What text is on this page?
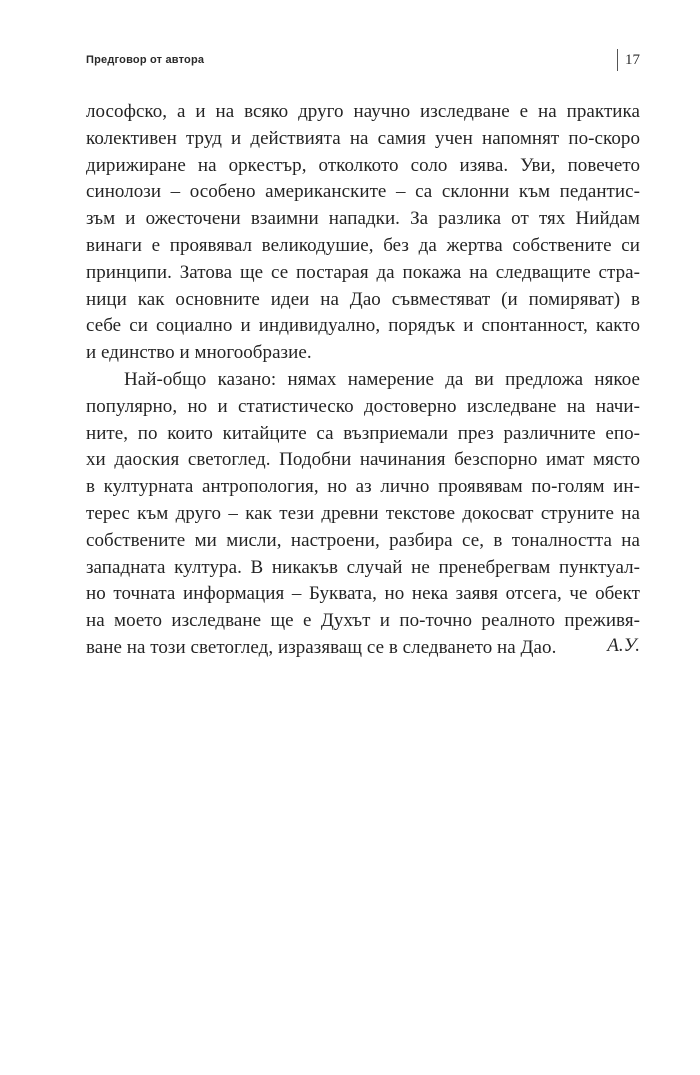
Предговор от автора	17

лософско, а и на всяко друго научно изследване е на практика
колективен труд и действията на самия учен напомнят по-скоро
дирижиране на оркестър, отколкото соло изява. Уви, повечето
синолози – особено американските – са склонни към педантис-
зъм и ожесточени взаимни нападки. За разлика от тях Нийдам
винаги е проявявал великодушие, без да жертва собствените си
принципи. Затова ще се постарая да покажа на следващите стра-
ници как основните идеи на Дао съвместяват (и помиряват) в
себе си социално и индивидуално, порядък и спонтанност, както
и единство и многообразие.

Най-общо казано: нямах намерение да ви предложа някое
популярно, но и статистическо достоверно изследване на начи-
ните, по които китайците са възприемали през различните епо-
хи даоския светоглед. Подобни начинания безспорно имат място
в културната антропология, но аз лично проявявам по-голям ин-
терес към друго – как тези древни текстове докосват струните на
собствените ми мисли, настроени, разбира се, в тоналността на
западната култура. В никакъв случай не пренебрегвам пунктуал-
но точната информация – Буквата, но нека заявя отсега, че обект
на моето изследване ще е Духът и по-точно реалното преживя-
ване на този светоглед, изразяващ се в следването на Дао.	А.У.
